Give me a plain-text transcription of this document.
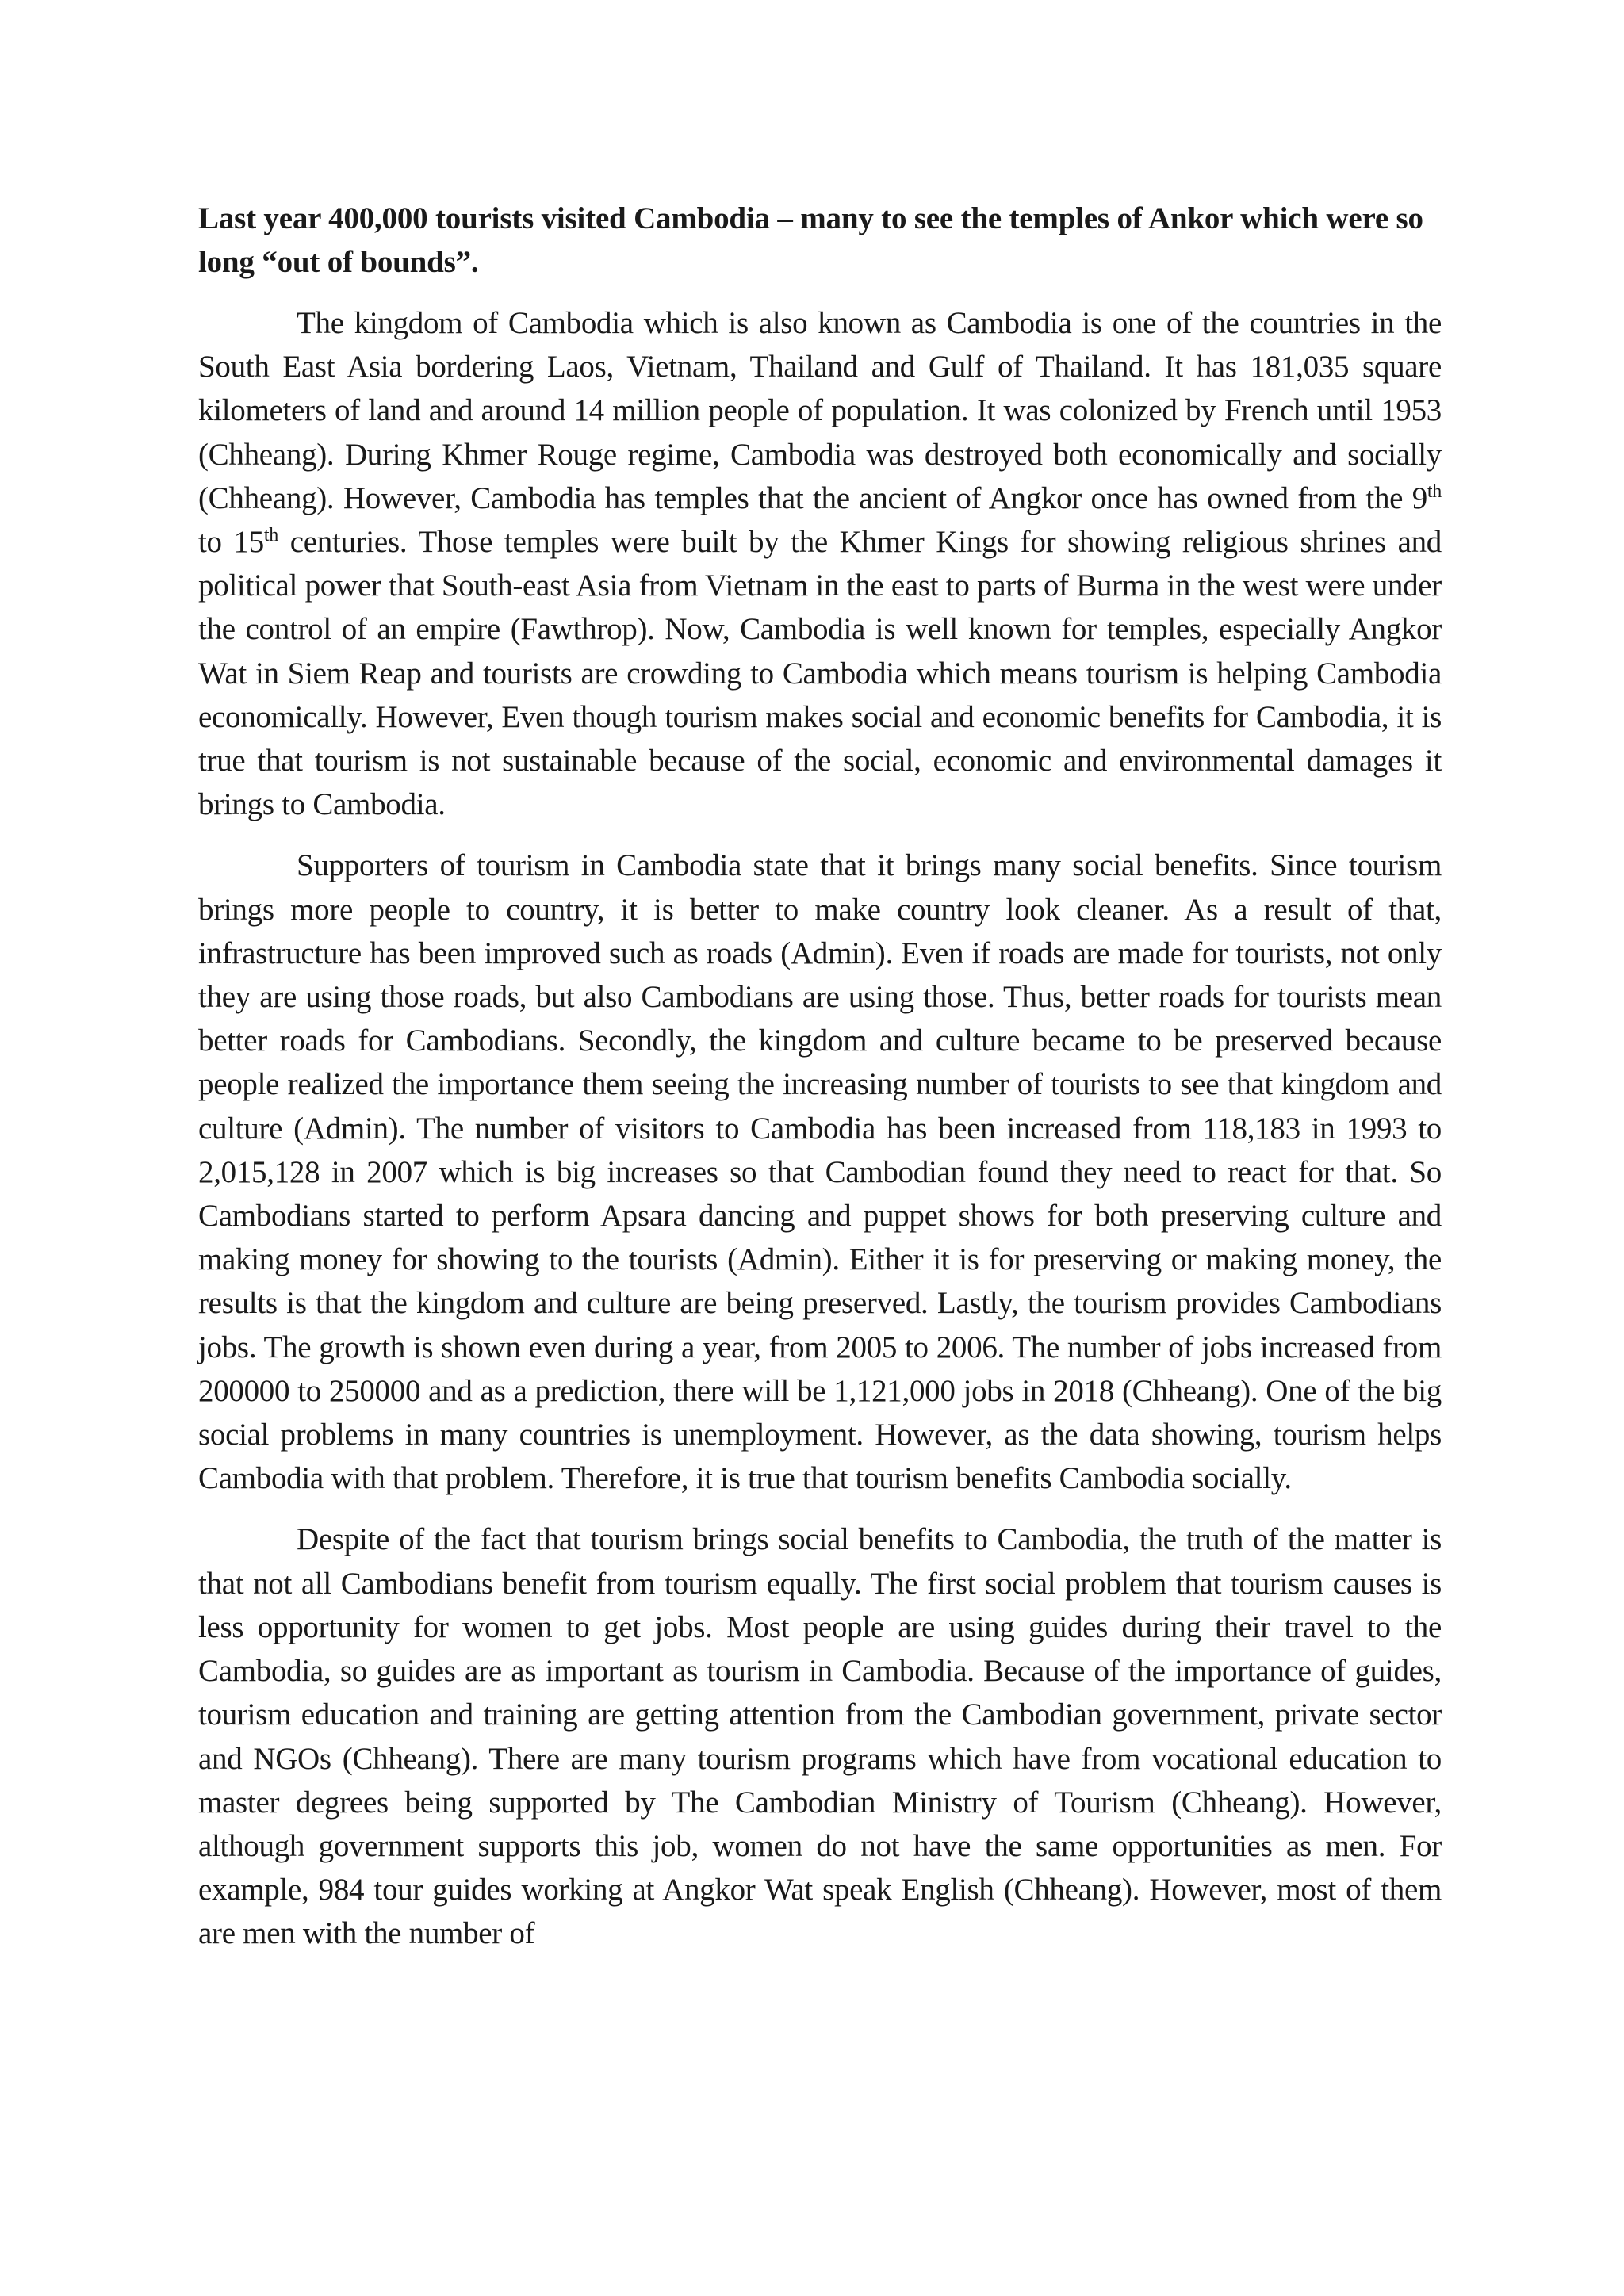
Last year 400,000 tourists visited Cambodia – many to see the temples of Ankor which were so long “out of bounds”.

The kingdom of Cambodia which is also known as Cambodia is one of the countries in the South East Asia bordering Laos, Vietnam, Thailand and Gulf of Thailand. It has 181,035 square kilometers of land and around 14 million people of population. It was colonized by French until 1953 (Chheang). During Khmer Rouge regime, Cambodia was destroyed both economically and socially (Chheang). However, Cambodia has temples that the ancient of Angkor once has owned from the 9th to 15th centuries. Those temples were built by the Khmer Kings for showing religious shrines and political power that South-east Asia from Vietnam in the east to parts of Burma in the west were under the control of an empire (Fawthrop). Now, Cambodia is well known for temples, especially Angkor Wat in Siem Reap and tourists are crowding to Cambodia which means tourism is helping Cambodia economically. However, Even though tourism makes social and economic benefits for Cambodia, it is true that tourism is not sustainable because of the social, economic and environmental damages it brings to Cambodia.

Supporters of tourism in Cambodia state that it brings many social benefits. Since tourism brings more people to country, it is better to make country look cleaner. As a result of that, infrastructure has been improved such as roads (Admin). Even if roads are made for tourists, not only they are using those roads, but also Cambodians are using those. Thus, better roads for tourists mean better roads for Cambodians. Secondly, the kingdom and culture became to be preserved because people realized the importance them seeing the increasing number of tourists to see that kingdom and culture (Admin). The number of visitors to Cambodia has been increased from 118,183 in 1993 to 2,015,128 in 2007 which is big increases so that Cambodian found they need to react for that. So Cambodians started to perform Apsara dancing and puppet shows for both preserving culture and making money for showing to the tourists (Admin). Either it is for preserving or making money, the results is that the kingdom and culture are being preserved. Lastly, the tourism provides Cambodians jobs. The growth is shown even during a year, from 2005 to 2006. The number of jobs increased from 200000 to 250000 and as a prediction, there will be 1,121,000 jobs in 2018 (Chheang). One of the big social problems in many countries is unemployment. However, as the data showing, tourism helps Cambodia with that problem. Therefore, it is true that tourism benefits Cambodia socially.

Despite of the fact that tourism brings social benefits to Cambodia, the truth of the matter is that not all Cambodians benefit from tourism equally. The first social problem that tourism causes is less opportunity for women to get jobs. Most people are using guides during their travel to the Cambodia, so guides are as important as tourism in Cambodia. Because of the importance of guides, tourism education and training are getting attention from the Cambodian government, private sector and NGOs (Chheang). There are many tourism programs which have from vocational education to master degrees being supported by The Cambodian Ministry of Tourism (Chheang). However, although government supports this job, women do not have the same opportunities as men. For example, 984 tour guides working at Angkor Wat speak English (Chheang). However, most of them are men with the number of
